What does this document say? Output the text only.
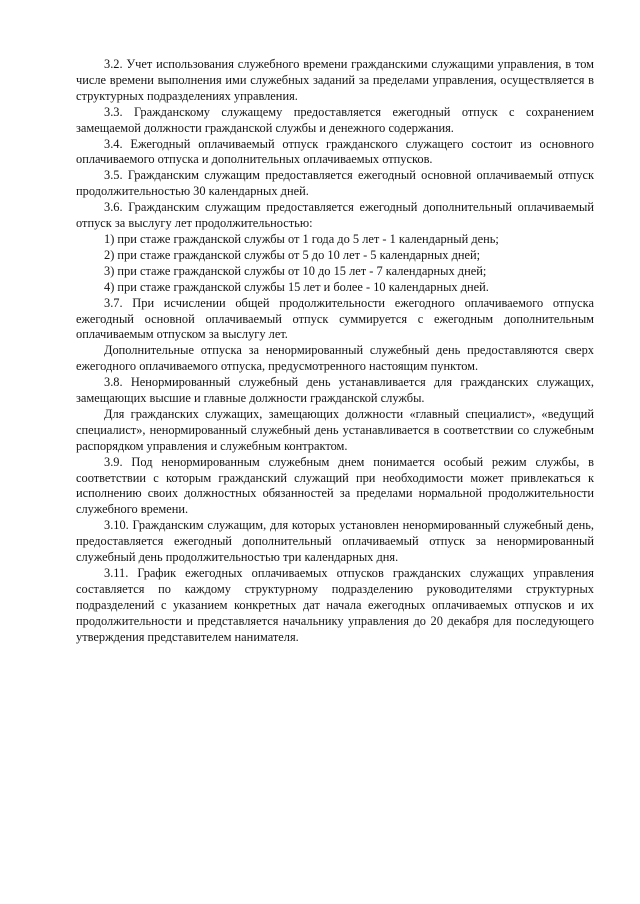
3.2. Учет использования служебного времени гражданскими служащими управления, в том числе времени выполнения ими служебных заданий за пределами управления, осуществляется в структурных подразделениях управления.

3.3. Гражданскому служащему предоставляется ежегодный отпуск с сохранением замещаемой должности гражданской службы и денежного содержания.

3.4. Ежегодный оплачиваемый отпуск гражданского служащего состоит из основного оплачиваемого отпуска и дополнительных оплачиваемых отпусков.

3.5. Гражданским служащим предоставляется ежегодный основной оплачиваемый отпуск продолжительностью 30 календарных дней.

3.6. Гражданским служащим предоставляется ежегодный дополнительный оплачиваемый отпуск за выслугу лет продолжительностью:

1) при стаже гражданской службы от 1 года до 5 лет - 1 календарный день;

2) при стаже гражданской службы от 5 до 10 лет - 5 календарных дней;

3) при стаже гражданской службы от 10 до 15 лет - 7 календарных дней;

4) при стаже гражданской службы 15 лет и более - 10 календарных дней.

3.7. При исчислении общей продолжительности ежегодного оплачиваемого отпуска ежегодный основной оплачиваемый отпуск суммируется с ежегодным дополнительным оплачиваемым отпуском за выслугу лет.

Дополнительные отпуска за ненормированный служебный день предоставляются сверх ежегодного оплачиваемого отпуска, предусмотренного настоящим пунктом.

3.8. Ненормированный служебный день устанавливается для гражданских служащих, замещающих высшие и главные должности гражданской службы.

Для гражданских служащих, замещающих должности «главный специалист», «ведущий специалист», ненормированный служебный день устанавливается в соответствии со служебным распорядком управления и служебным контрактом.

3.9. Под ненормированным служебным днем понимается особый режим службы, в соответствии с которым гражданский служащий при необходимости может привлекаться к исполнению своих должностных обязанностей за пределами нормальной продолжительности служебного времени.

3.10. Гражданским служащим, для которых установлен ненормированный служебный день, предоставляется ежегодный дополнительный оплачиваемый отпуск за ненормированный служебный день продолжительностью три календарных дня.

3.11. График ежегодных оплачиваемых отпусков гражданских служащих управления составляется по каждому структурному подразделению руководителями структурных подразделений с указанием конкретных дат начала ежегодных оплачиваемых отпусков и их продолжительности и представляется начальнику управления до 20 декабря для последующего утверждения представителем нанимателя.
